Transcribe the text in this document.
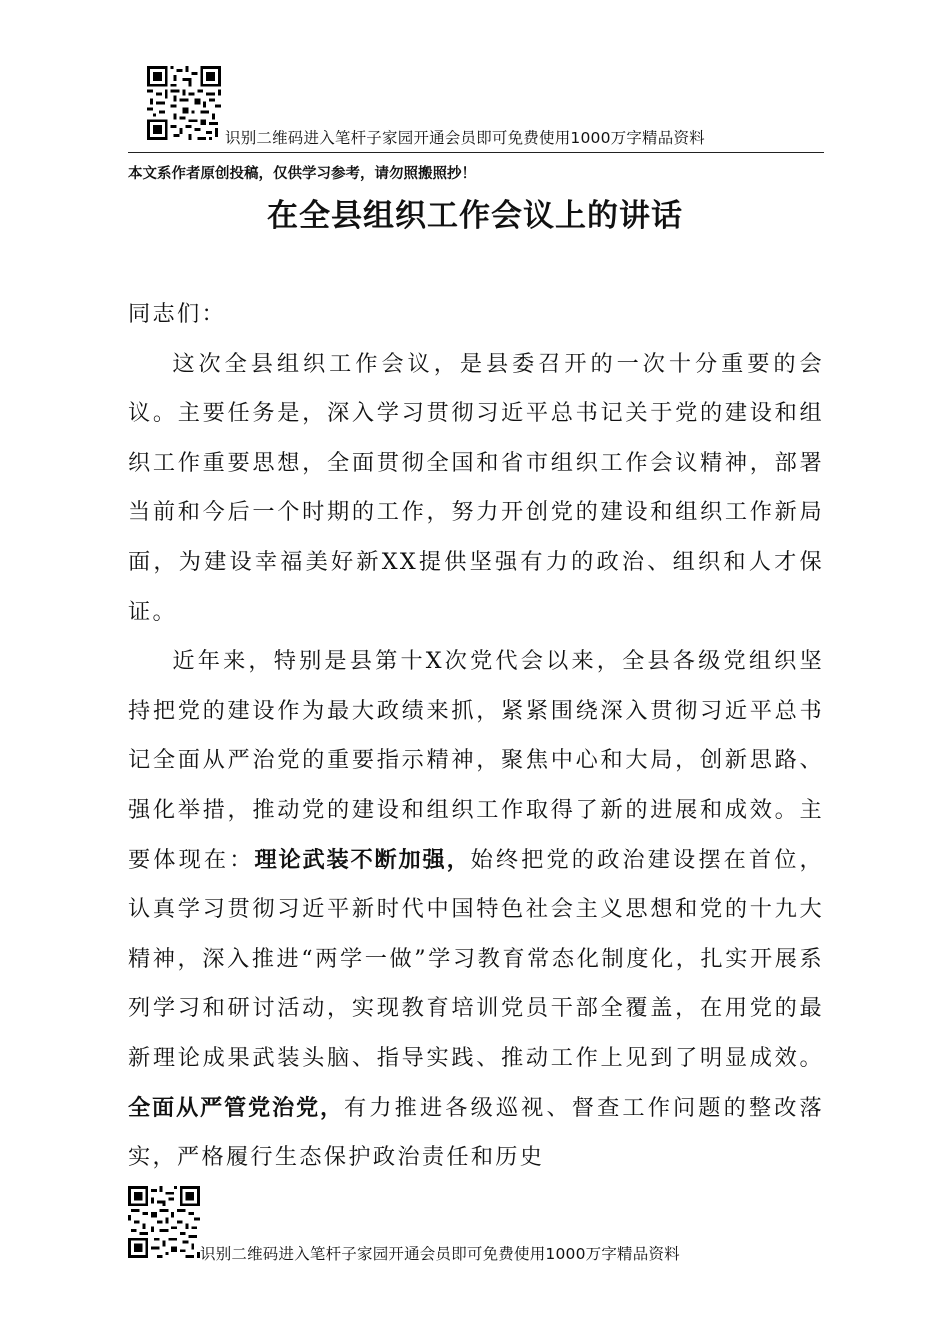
识别二维码进入笔杆子家园开通会员即可免费使用1000万字精品资料
本文系作者原创投稿，仅供学习参考，请勿照搬照抄！
在全县组织工作会议上的讲话

同志们：

这次全县组织工作会议，是县委召开的一次十分重要的会议。主要任务是，深入学习贯彻习近平总书记关于党的建设和组织工作重要思想，全面贯彻全国和省市组织工作会议精神，部署当前和今后一个时期的工作，努力开创党的建设和组织工作新局面，为建设幸福美好新XX提供坚强有力的政治、组织和人才保证。

近年来，特别是县第十X次党代会以来，全县各级党组织坚持把党的建设作为最大政绩来抓，紧紧围绕深入贯彻习近平总书记全面从严治党的重要指示精神，聚焦中心和大局，创新思路、强化举措，推动党的建设和组织工作取得了新的进展和成效。主要体现在：理论武装不断加强，始终把党的政治建设摆在首位，认真学习贯彻习近平新时代中国特色社会主义思想和党的十九大精神，深入推进“两学一做”学习教育常态化制度化，扎实开展系列学习和研讨活动，实现教育培训党员干部全覆盖，在用党的最新理论成果武装头脑、指导实践、推动工作上见到了明显成效。全面从严管党治党，有力推进各级巡视、督查工作问题的整改落实，严格履行生态保护政治责任和历史

识别二维码进入笔杆子家园开通会员即可免费使用1000万字精品资料
